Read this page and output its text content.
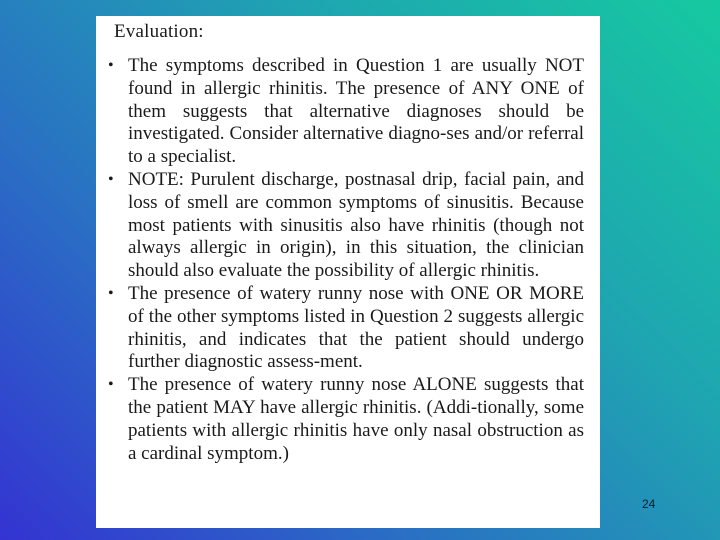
Evaluation:
• The symptoms described in Question 1 are usually NOT found in allergic rhinitis. The presence of ANY ONE of them suggests that alternative diagnoses should be investigated. Consider alternative diagno-ses and/or referral to a specialist.
• NOTE: Purulent discharge, postnasal drip, facial pain, and loss of smell are common symptoms of sinusitis. Because most patients with sinusitis also have rhinitis (though not always allergic in origin), in this situation, the clinician should also evaluate the possibility of allergic rhinitis.
• The presence of watery runny nose with ONE OR MORE of the other symptoms listed in Question 2 suggests allergic rhinitis, and indicates that the patient should undergo further diagnostic assess-ment.
• The presence of watery runny nose ALONE suggests that the patient MAY have allergic rhinitis. (Addi-tionally, some patients with allergic rhinitis have only nasal obstruction as a cardinal symptom.)
24
